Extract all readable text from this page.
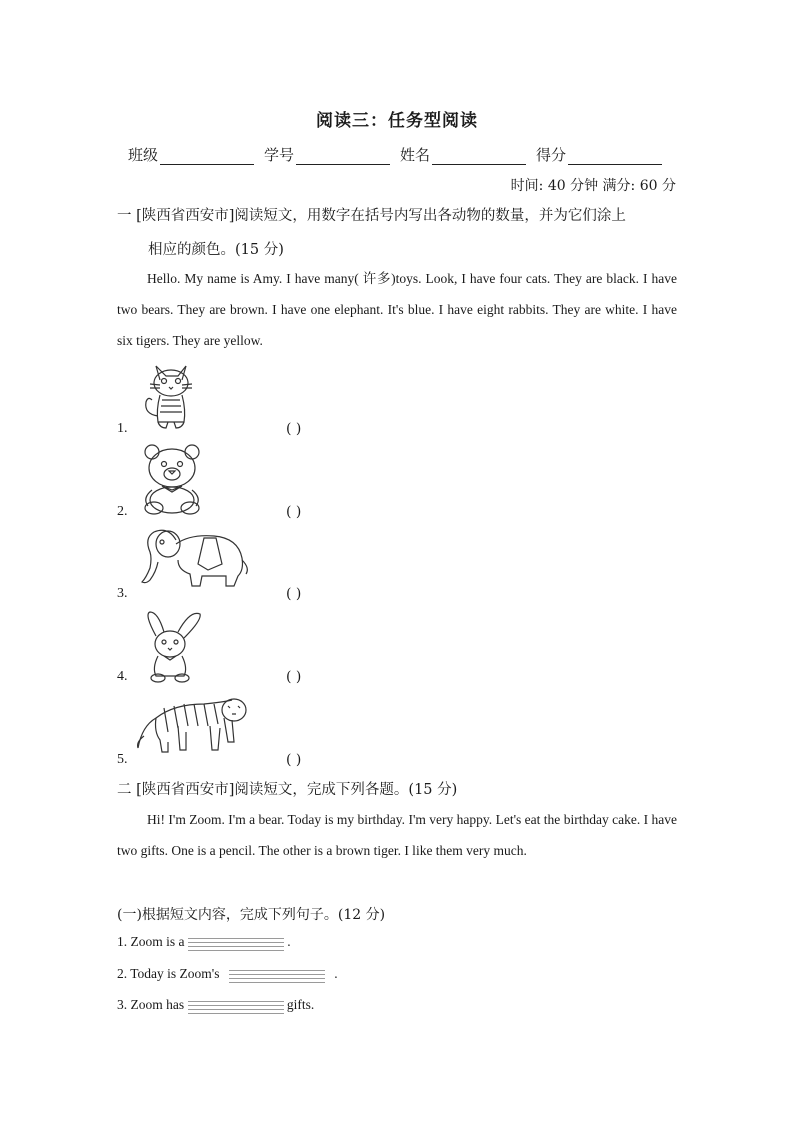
阅读三：任务型阅读
班级	学号	姓名	得分
时间: 40 分钟 满分: 60 分
一 [陕西省西安市]阅读短文，用数字在括号内写出各动物的数量，并为它们涂上
相应的颜色。(15 分)
Hello. My name is Amy. I have many( 许多)toys. Look, I have four cats. They are black. I have two bears. They are brown. I have one elephant. It's blue. I have eight rabbits. They are white. I have six tigers. They are yellow.
1.	( )
2.	( )
3.	( )
4.	( )
5.	( )
二 [陕西省西安市]阅读短文，完成下列各题。(15 分)
Hi! I'm Zoom. I'm a bear. Today is my birthday. I'm very happy. Let's eat the birthday cake. I have two gifts. One is a pencil. The other is a brown tiger. I like them very much.
(一)根据短文内容，完成下列句子。(12 分)
1. Zoom is a	.
2. Today is Zoom's	.
3. Zoom has	gifts.
